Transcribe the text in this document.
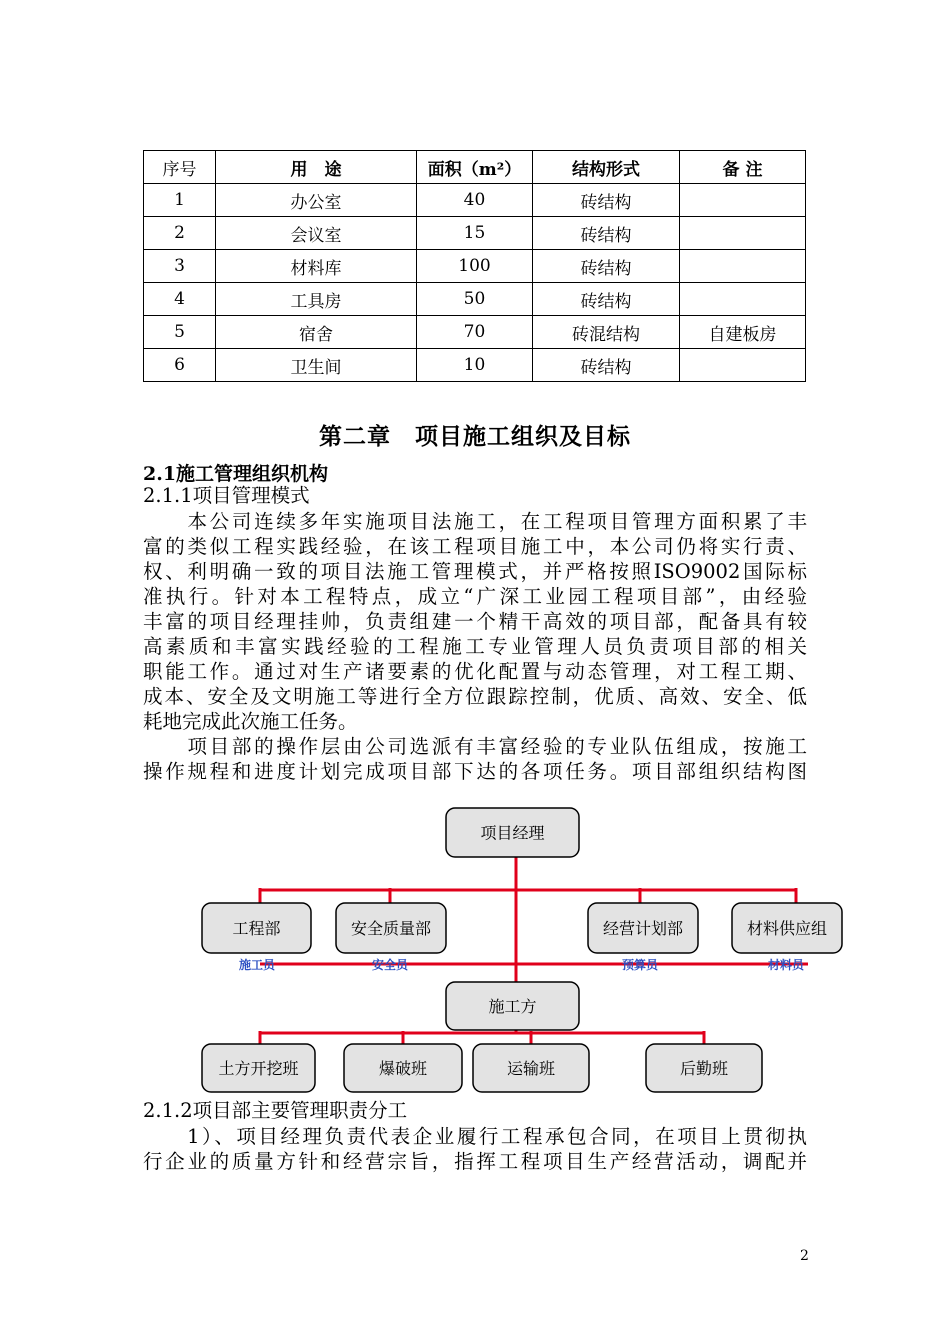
序号	用　途	面积（m²）	结构形式	备 注
1	办公室	40	砖结构	
2	会议室	15	砖结构	
3	材料库	100	砖结构	
4	工具房	50	砖结构	
5	宿舍	70	砖混结构	自建板房
6	卫生间	10	砖结构	
第二章　项目施工组织及目标
2.1施工管理组织机构
2.1.1项目管理模式
　　本公司连续多年实施项目法施工，在工程项目管理方面积累了丰
富的类似工程实践经验，在该工程项目施工中，本公司仍将实行责、
权、利明确一致的项目法施工管理模式，并严格按照ISO9002国际标
准执行。针对本工程特点，成立“广深工业园工程项目部”，由经验
丰富的项目经理挂帅，负责组建一个精干高效的项目部，配备具有较
高素质和丰富实践经验的工程施工专业管理人员负责项目部的相关
职能工作。通过对生产诸要素的优化配置与动态管理，对工程工期、
成本、安全及文明施工等进行全方位跟踪控制，优质、高效、安全、低
耗地完成此次施工任务。
　　项目部的操作层由公司选派有丰富经验的专业队伍组成，按施工
操作规程和进度计划完成项目部下达的各项任务。项目部组织结构图
项目经理
工程部	安全质量部	经营计划部	材料供应组
施工员	安全员	预算员	材料员
施工方
土方开挖班	爆破班	运输班	后勤班
2.1.2项目部主要管理职责分工
　　1）、项目经理负责代表企业履行工程承包合同，在项目上贯彻执
行企业的质量方针和经营宗旨，指挥工程项目生产经营活动，调配并
2
